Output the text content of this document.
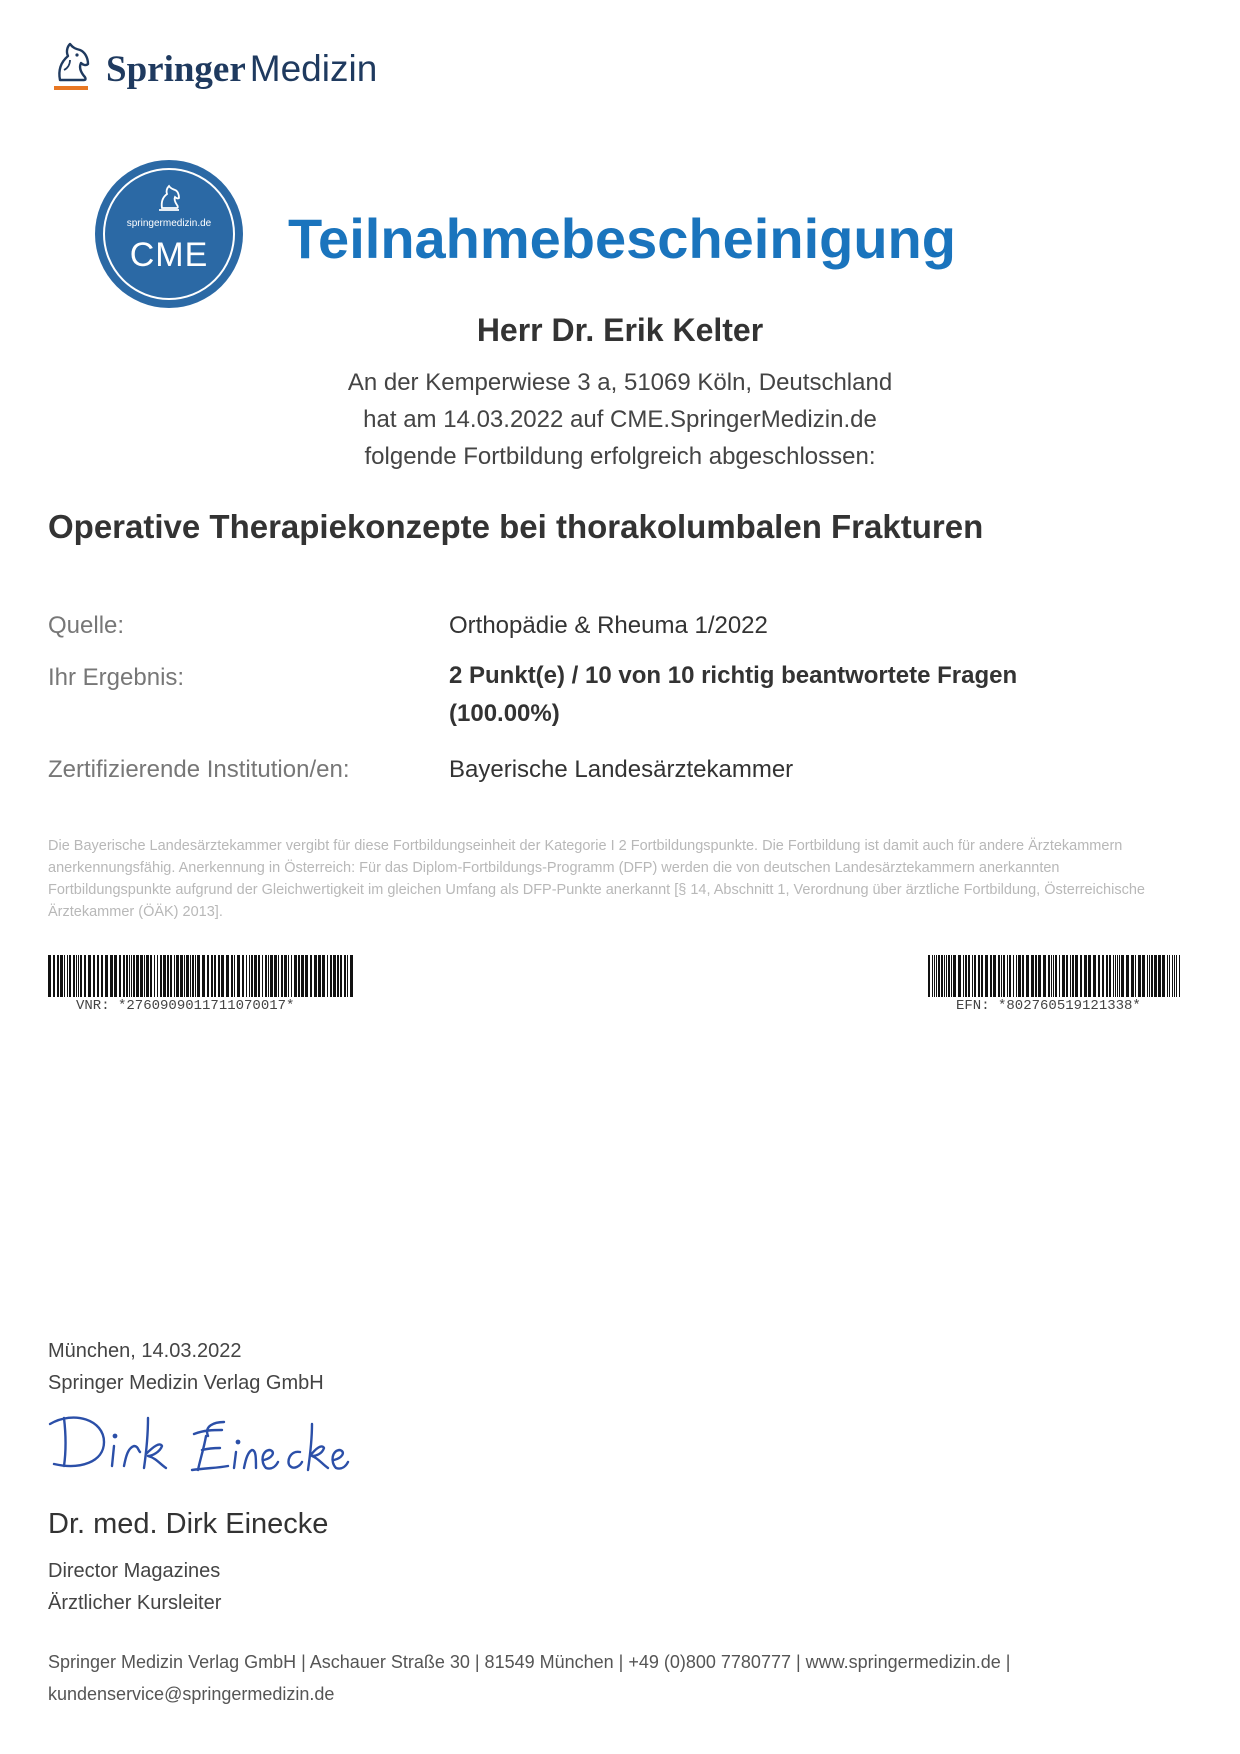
Springer Medizin
springermedizin.de
CME	Teilnahmebescheinigung
Herr Dr. Erik Kelter
An der Kemperwiese 3 a, 51069 Köln, Deutschland
hat am 14.03.2022 auf CME.SpringerMedizin.de
folgende Fortbildung erfolgreich abgeschlossen:
Operative Therapiekonzepte bei thorakolumbalen Frakturen
Quelle:	Orthopädie & Rheuma 1/2022
Ihr Ergebnis:	2 Punkt(e) / 10 von 10 richtig beantwortete Fragen (100.00%)
Zertifizierende Institution/en:	Bayerische Landesärztekammer
Die Bayerische Landesärztekammer vergibt für diese Fortbildungseinheit der Kategorie I 2 Fortbildungspunkte. Die Fortbildung ist damit auch für andere Ärztekammern anerkennungsfähig. Anerkennung in Österreich: Für das Diplom-Fortbildungs-Programm (DFP) werden die von deutschen Landesärztekammern anerkannten Fortbildungspunkte aufgrund der Gleichwertigkeit im gleichen Umfang als DFP-Punkte anerkannt [§ 14, Abschnitt 1, Verordnung über ärztliche Fortbildung, Österreichische Ärztekammer (ÖÄK) 2013].
VNR: *2760909011711070017*	EFN: *802760519121338*
München, 14.03.2022
Springer Medizin Verlag GmbH
Dr. med. Dirk Einecke
Director Magazines
Ärztlicher Kursleiter
Springer Medizin Verlag GmbH | Aschauer Straße 30 | 81549 München | +49 (0)800 7780777 | www.springermedizin.de |
kundenservice@springermedizin.de
